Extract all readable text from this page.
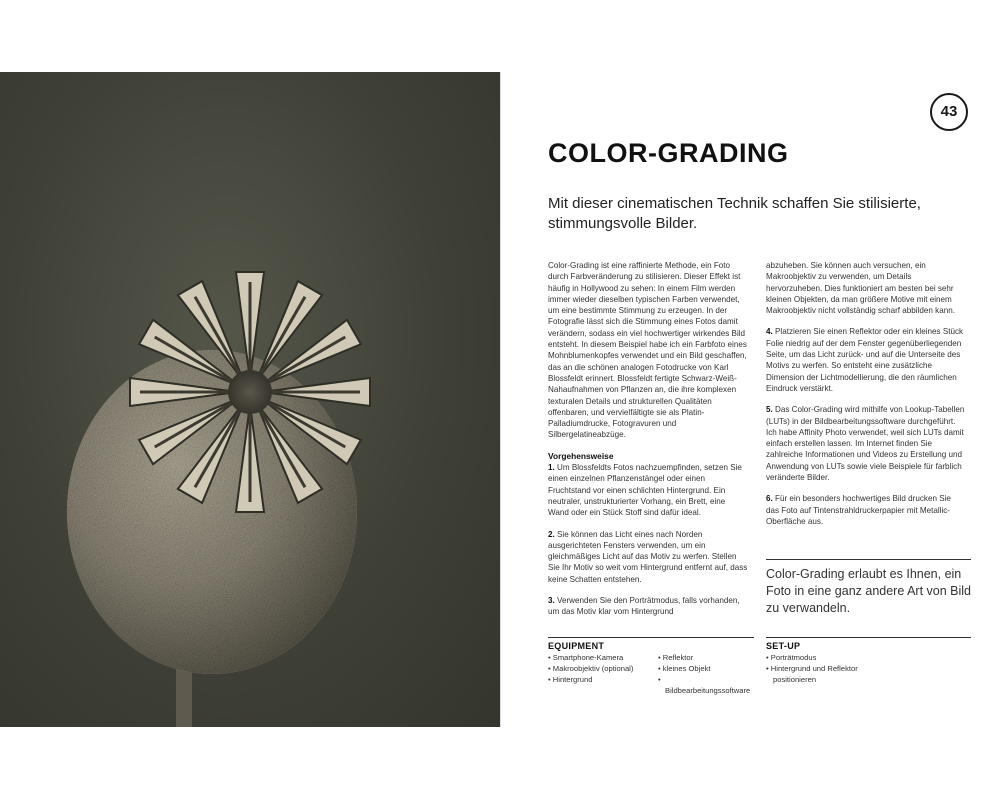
43
COLOR-GRADING

Mit dieser cinematischen Technik schaffen Sie stilisierte, stimmungsvolle Bilder.

Color-Grading ist eine raffinierte Methode, ein Foto durch Farbveränderung zu stilisieren. Dieser Effekt ist häufig in Hollywood zu sehen: In einem Film werden immer wieder dieselben typischen Farben verwendet, um eine bestimmte Stimmung zu erzeugen. In der Fotografie lässt sich die Stimmung eines Fotos damit verändern, sodass ein viel hochwertiger wirkendes Bild entsteht. In diesem Beispiel habe ich ein Farbfoto eines Mohnblumenkopfes verwendet und ein Bild geschaffen, das an die schönen analogen Fotodrucke von Karl Blossfeldt erinnert. Blossfeldt fertigte Schwarz-Weiß-Nahaufnahmen von Pflanzen an, die ihre komplexen texturalen Details und strukturellen Qualitäten offenbaren, und vervielfältigte sie als Platin-Palladiumdrucke, Fotogravuren und Silbergelatineabzüge.

Vorgehensweise

1. Um Blossfeldts Fotos nachzuempfinden, setzen Sie einen einzelnen Pflanzenstängel oder einen Fruchtstand vor einen schlichten Hintergrund. Ein neutraler, unstrukturierter Vorhang, ein Brett, eine Wand oder ein Stück Stoff sind dafür ideal.

2. Sie können das Licht eines nach Norden ausgerichteten Fensters verwenden, um ein gleichmäßiges Licht auf das Motiv zu werfen. Stellen Sie Ihr Motiv so weit vom Hintergrund entfernt auf, dass keine Schatten entstehen.

3. Verwenden Sie den Porträtmodus, falls vorhanden, um das Motiv klar vom Hintergrund

abzuheben. Sie können auch versuchen, ein Makroobjektiv zu verwenden, um Details hervorzuheben. Dies funktioniert am besten bei sehr kleinen Objekten, da man größere Motive mit einem Makroobjektiv nicht vollständig scharf abbilden kann.

4. Platzieren Sie einen Reflektor oder ein kleines Stück Folie niedrig auf der dem Fenster gegenüberliegenden Seite, um das Licht zurück- und auf die Unterseite des Motivs zu werfen. So entsteht eine zusätzliche Dimension der Lichtmodellierung, die den räumlichen Eindruck verstärkt.

5. Das Color-Grading wird mithilfe von Lookup-Tabellen (LUTs) in der Bildbearbeitungssoftware durchgeführt. Ich habe Affinity Photo verwendet, weil sich LUTs damit einfach erstellen lassen. Im Internet finden Sie zahlreiche Informationen und Videos zu Erstellung und Anwendung von LUTs sowie viele Beispiele für farblich veränderte Bilder.

6. Für ein besonders hochwertiges Bild drucken Sie das Foto auf Tintenstrahldruckerpapier mit Metallic-Oberfläche aus.

Color-Grading erlaubt es Ihnen, ein Foto in eine ganz andere Art von Bild zu verwandeln.
EQUIPMENT
• Smartphone-Kamera
• Makroobjektiv (optional)
• Hintergrund
• Reflektor
• kleines Objekt
• Bildbearbeitungssoftware
SET-UP
• Porträtmodus
• Hintergrund und Reflektor positionieren
